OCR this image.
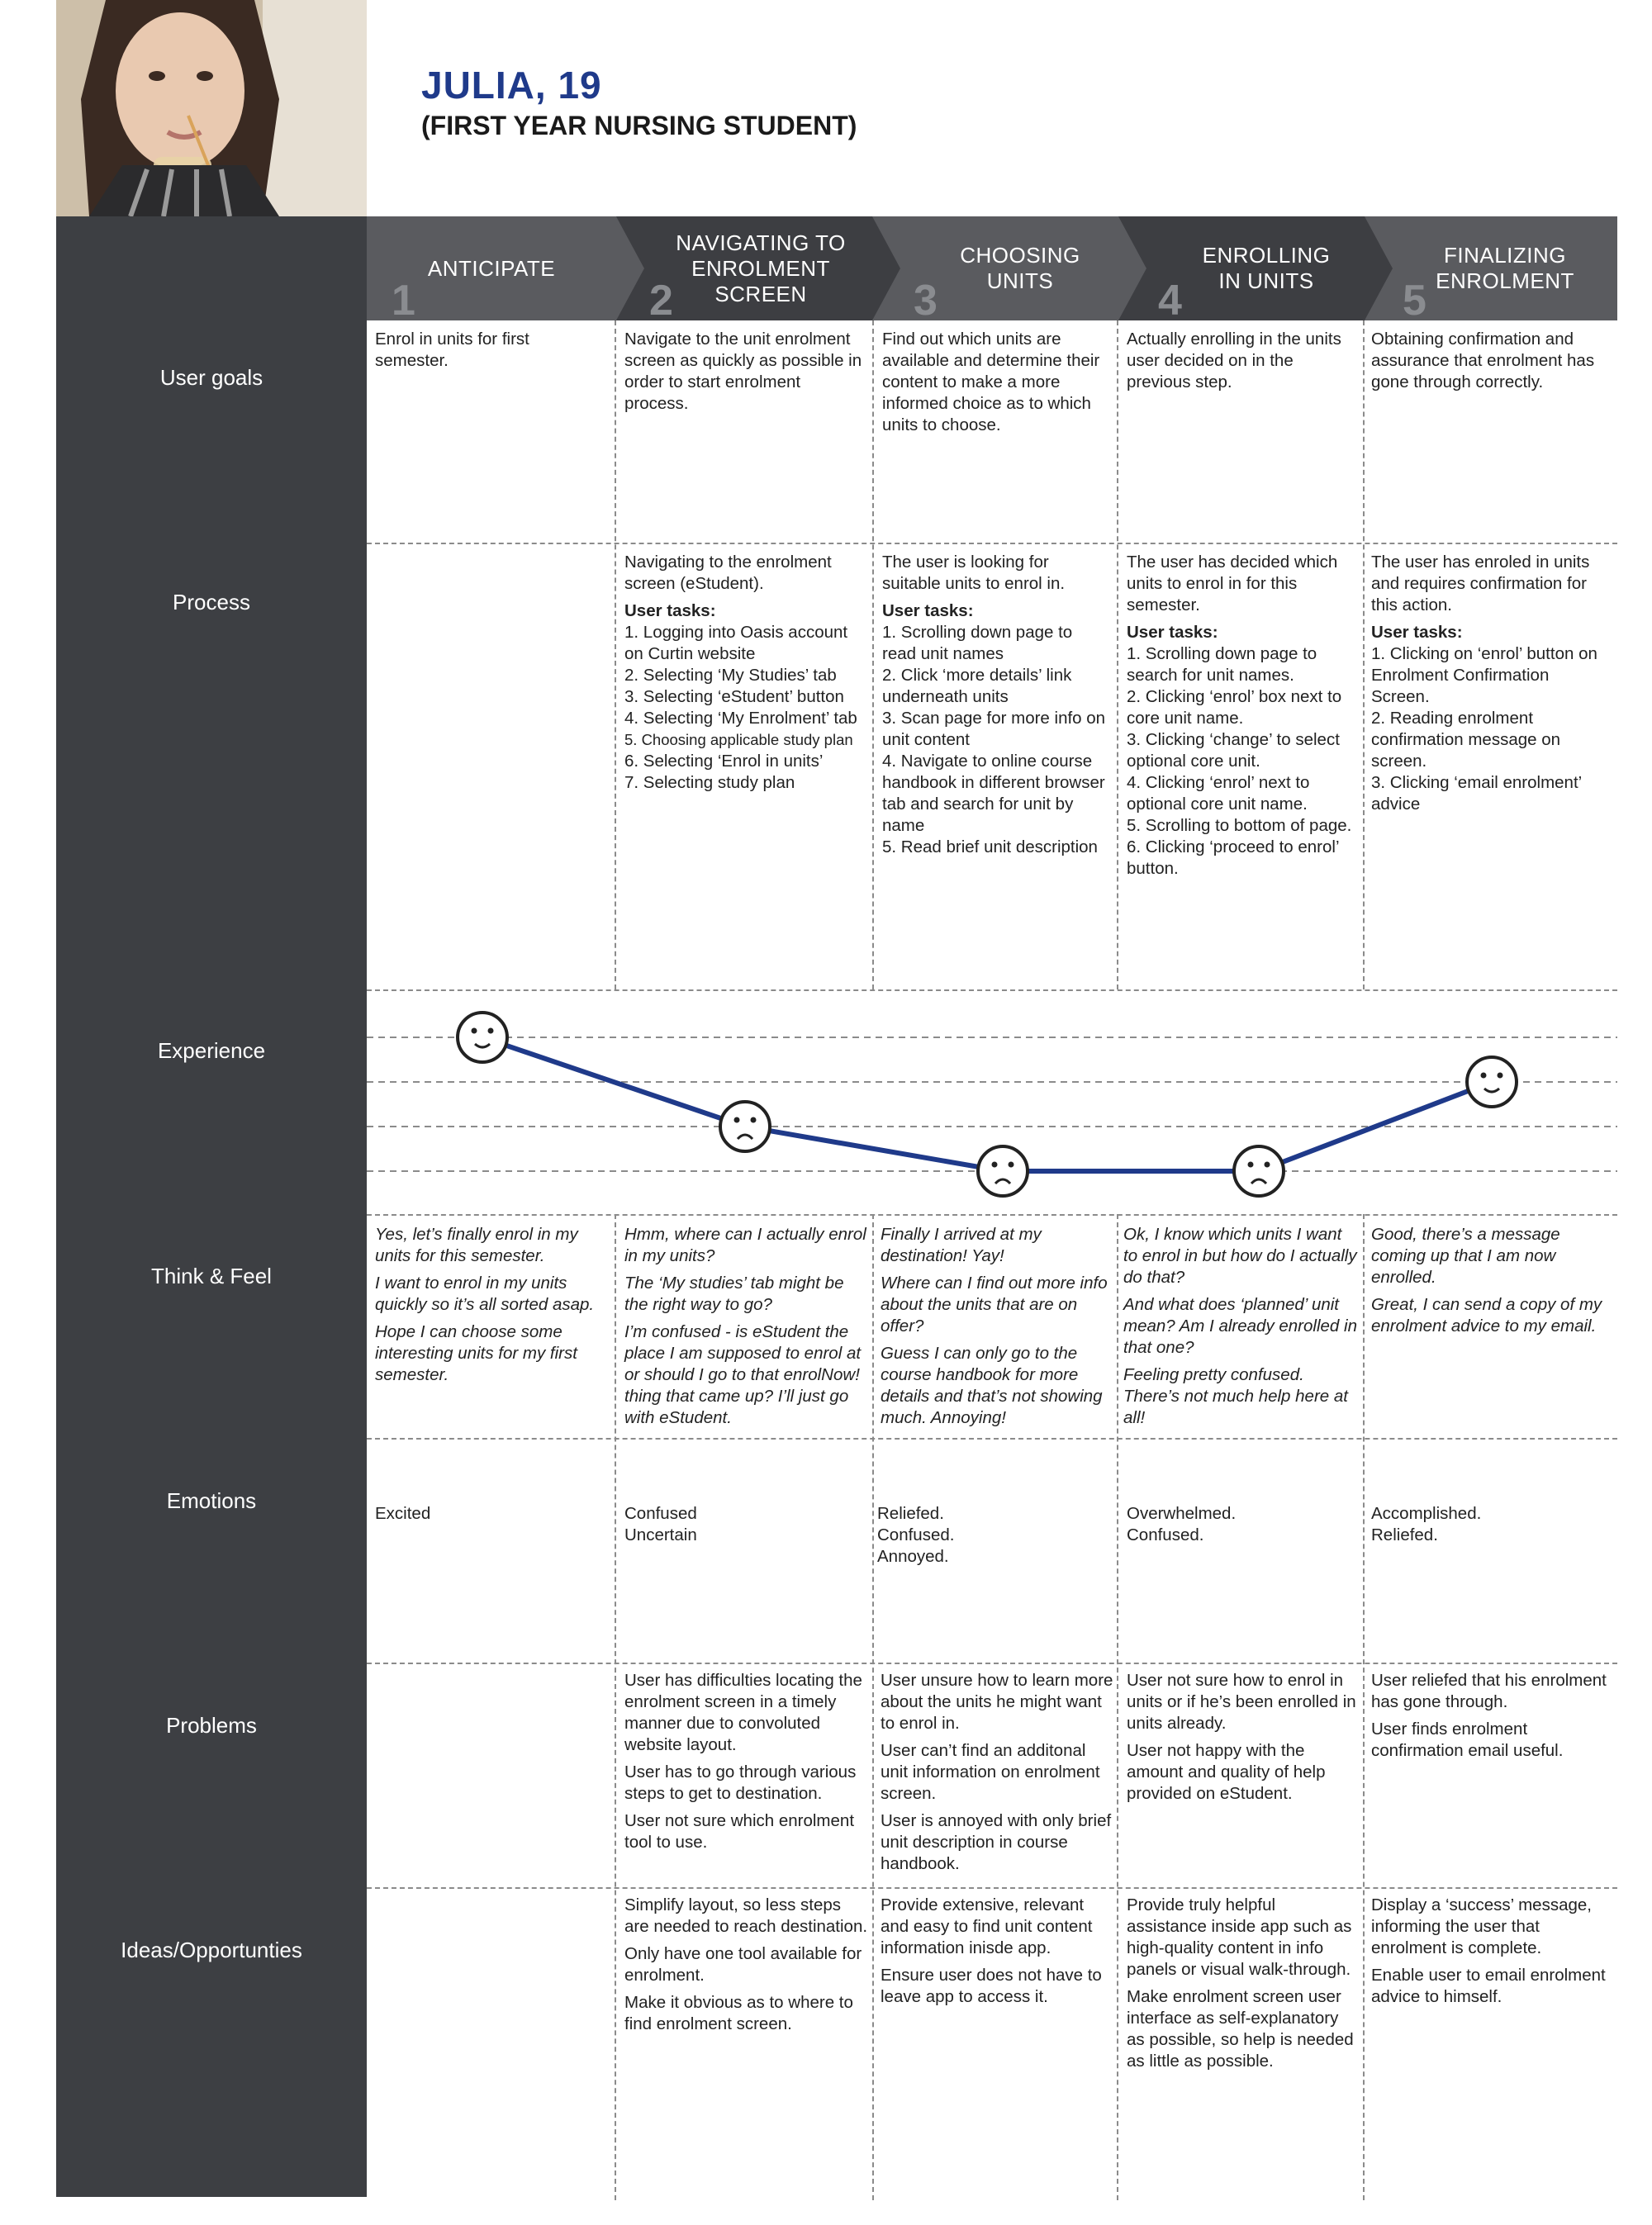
JULIA, 19
(FIRST YEAR NURSING STUDENT)
User goals
Process
Experience
Think & Feel
Emotions
Problems
Ideas/Opportunties
ANTICIPATE
1
NAVIGATING TO
ENROLMENT
SCREEN
2
CHOOSING
UNITS
3
ENROLLING
IN UNITS
4
FINALIZING
ENROLMENT
5
Enrol in units for first semester.
Navigate to the unit enrolment screen as quickly as possible in order to start enrolment process.
Find out which units are available and determine their content to make a more informed choice as to which units to choose.
Actually enrolling in the units user decided on in the previous step.
Obtaining confirmation and assurance that enrolment has gone through correctly.

Navigating to the enrolment screen (eStudent).

User tasks:
1. Logging into Oasis account on Curtin website
2. Selecting ‘My Studies’ tab
3. Selecting ‘eStudent’ button
4. Selecting ‘My Enrolment’ tab
5. Choosing applicable study plan
6. Selecting ‘Enrol in units’
7. Selecting study plan

The user is looking for suitable units to enrol in.

User tasks:
1. Scrolling down page to read unit names
2. Click ‘more details’ link underneath units
3. Scan page for more info on unit content
4. Navigate to online course handbook in different browser tab and search for unit by name
5. Read brief unit description

The user has decided which units to enrol in for this semester.

User tasks:
1. Scrolling down page to search for unit names.
2. Clicking ‘enrol’ box next to core unit name.
3. Clicking ‘change’ to select optional core unit.
4. Clicking ‘enrol’ next to optional core unit name.
5. Scrolling to bottom of page.
6. Clicking ‘proceed to enrol’ button.

The user has enroled in units and requires confirmation for this action.

User tasks:
1. Clicking on ‘enrol’ button on Enrolment Confirmation Screen.
2. Reading enrolment confirmation message on screen.
3. Clicking ‘email enrolment’ advice

Yes, let’s finally enrol in my units for this semester.

I want to enrol in my units quickly so it’s all sorted asap.

Hope I can choose some interesting units for my first semester.

Hmm, where can I actually enrol in my units?

The ‘My studies’ tab might be the right way to go?

I’m confused - is eStudent the place I am supposed to enrol at or should I go to that enrolNow! thing that came up? I’ll just go with eStudent.

Finally I arrived at my destination! Yay!

Where can I find out more info about the units that are on offer?

Guess I can only go to the course handbook for more details and that’s not showing much. Annoying!

Ok, I know which units I want to enrol in but how do I actually do that?

And what does ‘planned’ unit mean? Am I already enrolled in that one?

Feeling pretty confused. There’s not much help here at all!

Good, there’s a message coming up that I am now enrolled.

Great, I can send a copy of my enrolment advice to my email.

Excited	Confused
Uncertain
Reliefed.
Confused.
Annoyed.
Overwhelmed.
Confused.
Accomplished.
Reliefed.

User has difficulties locating the enrolment screen in a timely manner due to convoluted website layout.

User has to go through various steps to get to destination.

User not sure which enrolment tool to use.

User unsure how to learn more about the units he might want to enrol in.

User can’t find an additonal unit information on enrolment screen.

User is annoyed with only brief unit description in course handbook.

User not sure how to enrol in units or if he’s been enrolled in units already.

User not happy with the amount and quality of help provided on eStudent.

User reliefed that his enrolment has gone through.

User finds enrolment confirmation email useful.

Simplify layout, so less steps are needed to reach destination.

Only have one tool available for enrolment.

Make it obvious as to where to find enrolment screen.

Provide extensive, relevant and easy to find unit content information inisde app.

Ensure user does not have to leave app to access it.

Provide truly helpful assistance inside app such as high-quality content in info panels or visual walk-through.

Make enrolment screen user interface as self-explanatory as possible, so help is needed as little as possible.

Display a ‘success’ message, informing the user that enrolment is complete.

Enable user to email enrolment advice to himself.
